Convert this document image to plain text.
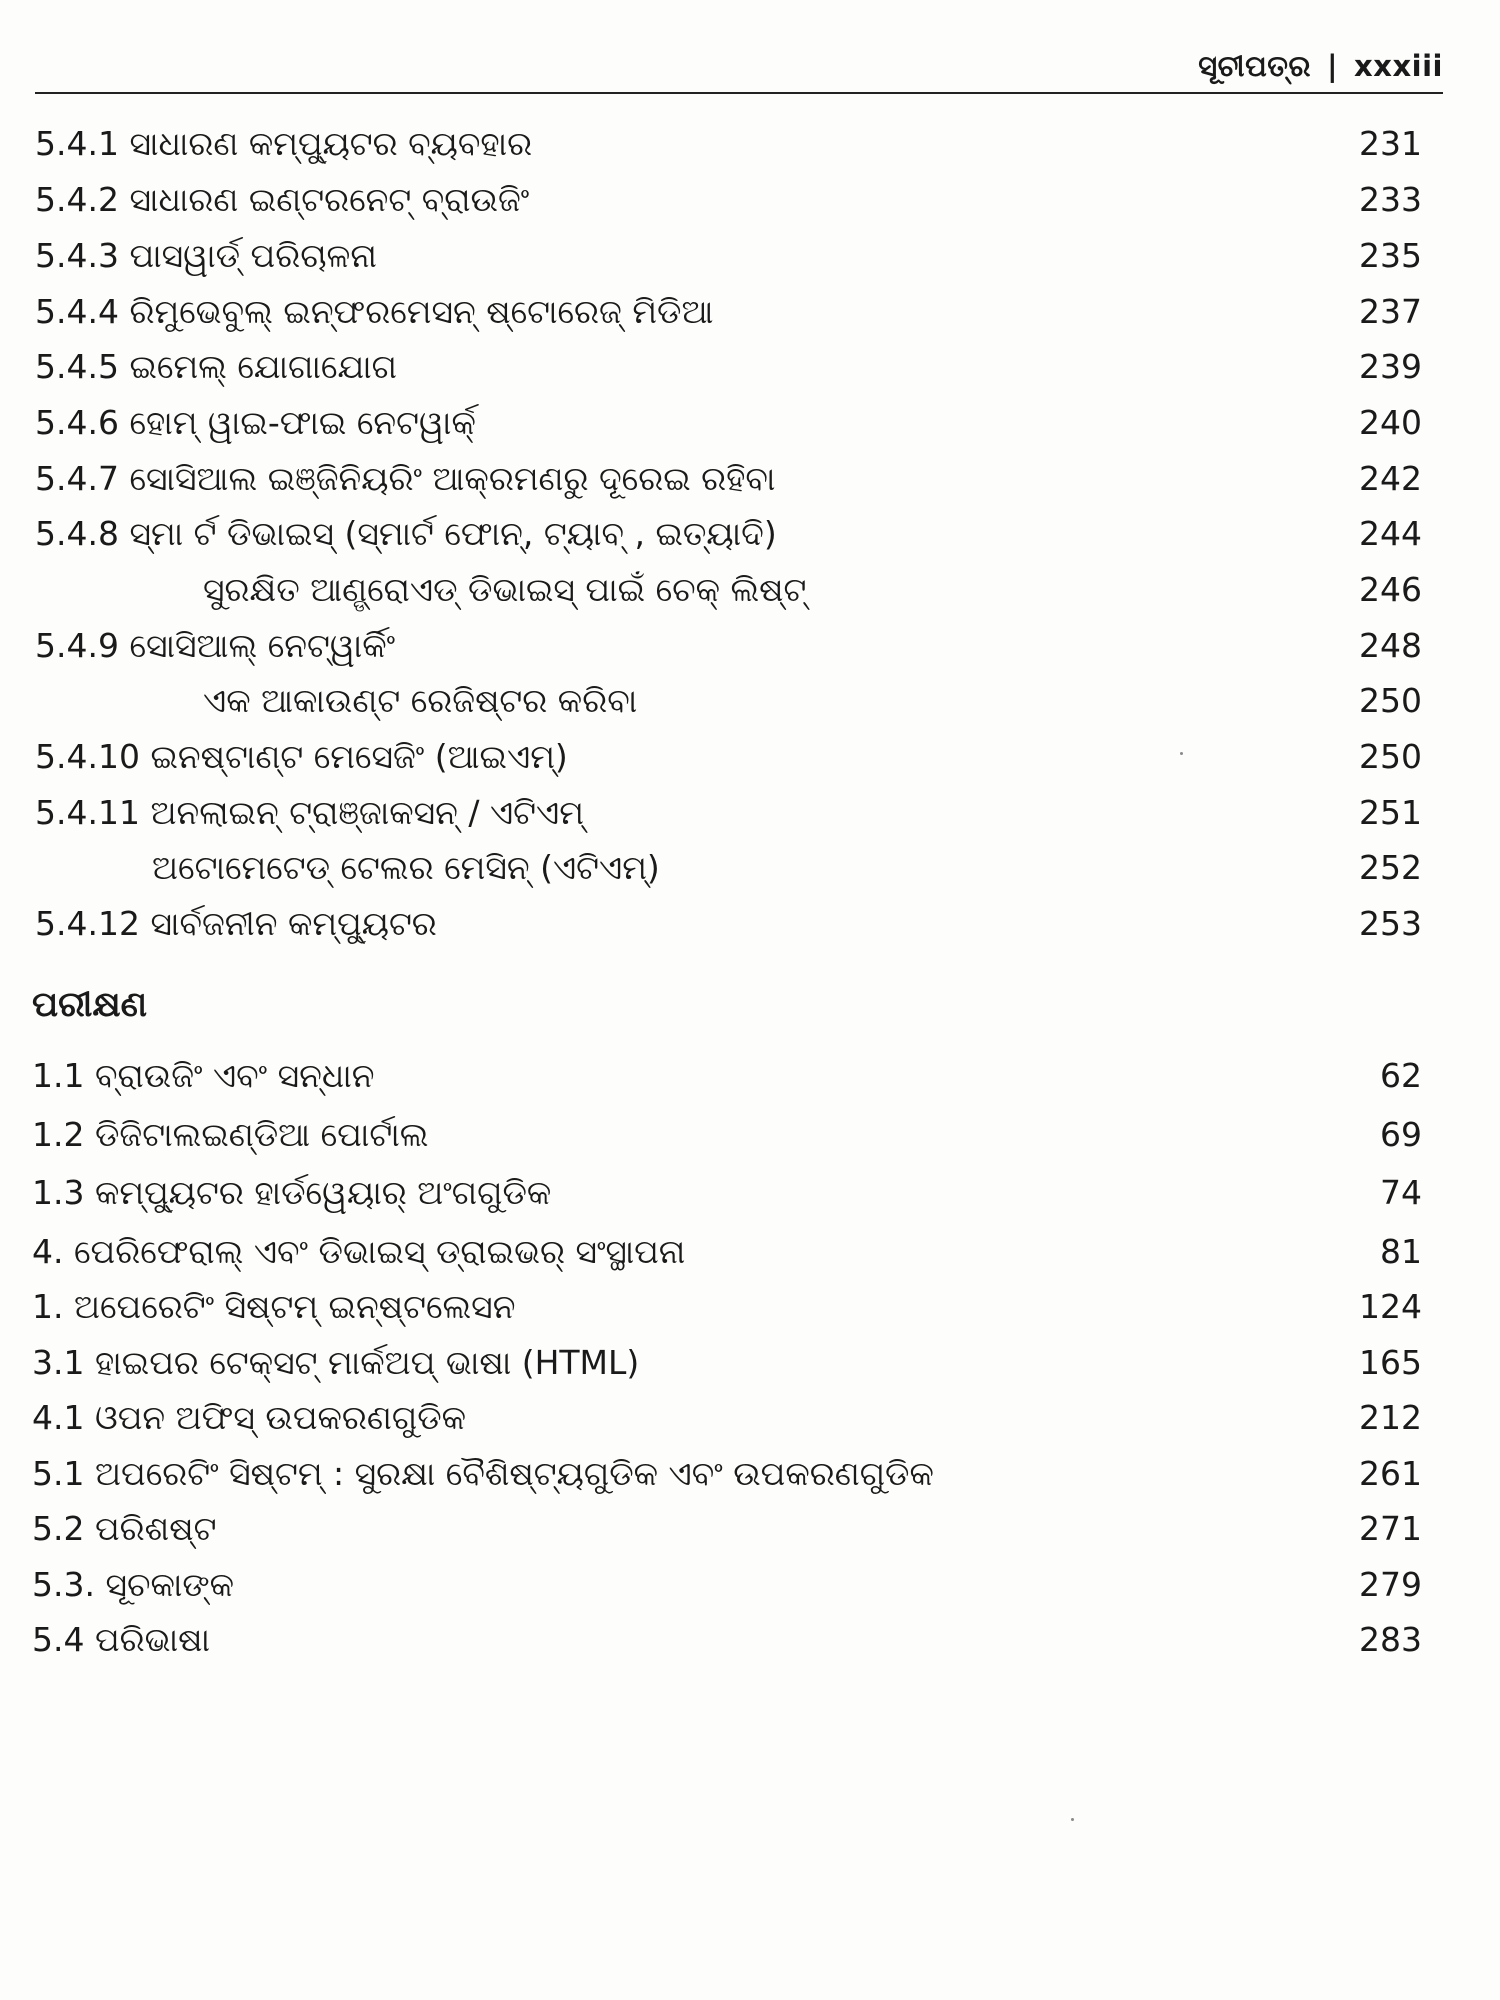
ସୂଚୀପତ୍ର | xxxiii
5.4.1 ସାଧାରଣ କମ୍ପ୍ୟୁଟର ବ୍ୟବହାର	231
5.4.2 ସାଧାରଣ ଇଣ୍ଟରନେଟ୍ ବ୍ରାଉଜିଂ	233
5.4.3 ପାସୱାର୍ଡ୍ ପରିଚାଳନା	235
5.4.4 ରିମୁଭେବୁଲ୍ ଇନ୍‌ଫରମେସନ୍ ଷ୍ଟୋରେଜ୍ ମିଡିଆ	237
5.4.5 ଇମେଲ୍ ଯୋଗାଯୋଗ	239
5.4.6 ହୋମ୍ ୱାଇ-ଫାଇ ନେଟୱାର୍କ୍	240
5.4.7 ସୋସିଆଲ ଇଞ୍ଜିନିୟରିଂ ଆକ୍ରମଣରୁ ଦୂରେଇ ରହିବା	242
5.4.8 ସ୍ମା ର୍ଟ ଡିଭାଇସ୍ (ସ୍ମାର୍ଟ ଫୋନ୍, ଟ୍ୟାବ୍ , ଇତ୍ୟାଦି)	244
ସୁରକ୍ଷିତ ଆଣ୍ଡ୍ରୋଏଡ୍ ଡିଭାଇସ୍ ପାଇଁ ଚେକ୍ ଲିଷ୍ଟ୍	246
5.4.9 ସୋସିଆଲ୍ ନେଟ୍ୱାର୍କିଂ	248
ଏକ ଆକାଉଣ୍ଟ ରେଜିଷ୍ଟର କରିବା	250
5.4.10 ଇନଷ୍ଟାଣ୍ଟ ମେସେଜିଂ (ଆଇଏମ୍)	250
5.4.11 ଅନଲାଇନ୍ ଟ୍ରାଞ୍ଜାକସନ୍ / ଏଟିଏମ୍	251
ଅଟୋମେଟେଡ୍ ଟେଲର ମେସିନ୍ (ଏଟିଏମ୍)	252
5.4.12 ସାର୍ବଜନୀନ କମ୍ପ୍ୟୁଟର	253
ପରୀକ୍ଷଣ
1.1 ବ୍ରାଉଜିଂ ଏବଂ ସନ୍ଧାନ	62
1.2 ଡିଜିଟାଲଇଣ୍ଡିଆ ପୋର୍ଟାଲ	69
1.3 କମ୍ପ୍ୟୁଟର ହାର୍ଡୱେୟାର୍ ଅଂଗଗୁଡିକ	74
4. ପେରିଫେରାଲ୍ ଏବଂ ଡିଭାଇସ୍ ଡ୍ରାଇଭର୍ ସଂସ୍ଥାପନା	81
1. ଅପେରେଟିଂ ସିଷ୍ଟମ୍ ଇନ୍‌ଷ୍ଟଲେସନ	124
3.1 ହାଇପର ଟେକ୍ସଟ୍ ମାର୍କଅପ୍ ଭାଷା (HTML)	165
4.1 ଓପନ ଅଫିସ୍ ଉପକରଣଗୁଡିକ	212
5.1 ଅପରେଟିଂ ସିଷ୍ଟମ୍ : ସୁରକ୍ଷା ବୈଶିଷ୍ଟ୍ୟଗୁଡିକ ଏବଂ ଉପକରଣଗୁଡିକ	261
5.2 ପରିଶଷ୍ଟ	271
5.3. ସୂଚକାଙ୍କ	279
5.4 ପରିଭାଷା	283
